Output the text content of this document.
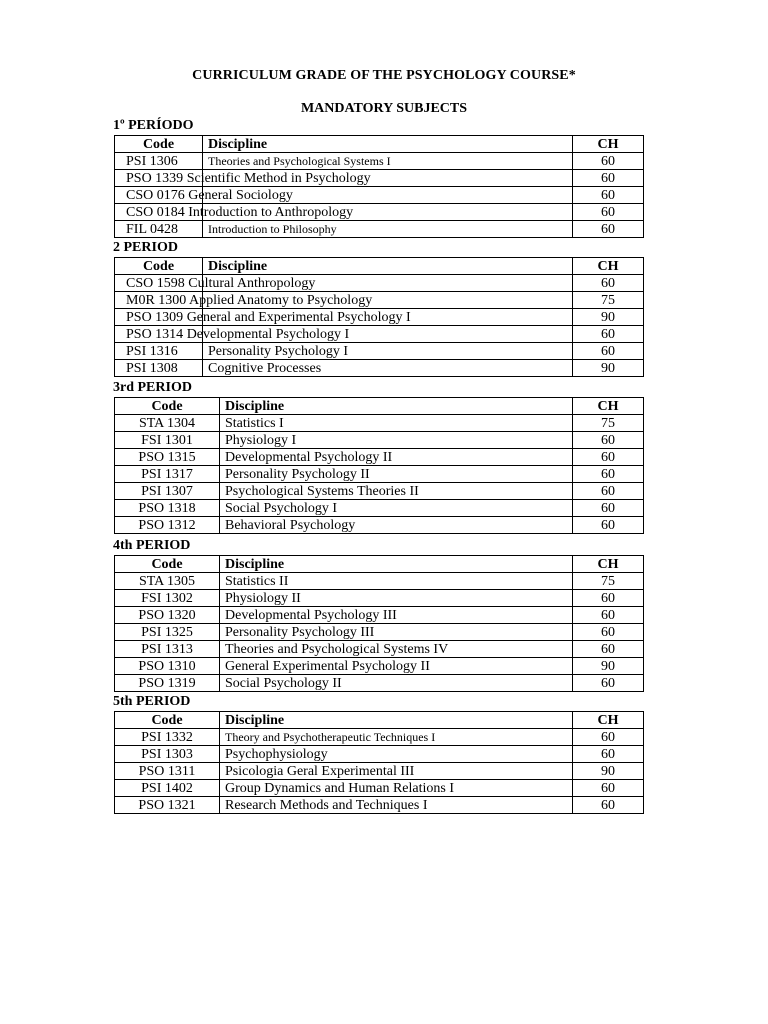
CURRICULUM GRADE OF THE PSYCHOLOGY COURSE*
MANDATORY SUBJECTS
1º PERÍODO
Code	Discipline	CH
PSI 1306	Theories and Psychological Systems I	60
PSO 1339 Scientific Method in Psychology		60
CSO 0176 General Sociology		60
CSO 0184 Introduction to Anthropology		60
FIL 0428	Introduction to Philosophy	60
2 PERIOD
Code	Discipline	CH
CSO 1598 Cultural Anthropology		60
M0R 1300 Applied Anatomy to Psychology		75
PSO 1309 General and Experimental Psychology I		90
PSO 1314 Developmental Psychology I		60
PSI 1316	Personality Psychology I	60
PSI 1308	Cognitive Processes	90
3rd PERIOD
Code	Discipline	CH
STA 1304	Statistics I	75
FSI 1301	Physiology I	60
PSO 1315	Developmental Psychology II	60
PSI 1317	Personality Psychology II	60
PSI 1307	Psychological Systems Theories II	60
PSO 1318	Social Psychology I	60
PSO 1312	Behavioral Psychology	60
4th PERIOD
Code	Discipline	CH
STA 1305	Statistics II	75
FSI 1302	Physiology II	60
PSO 1320	Developmental Psychology III	60
PSI 1325	Personality Psychology III	60
PSI 1313	Theories and Psychological Systems IV	60
PSO 1310	General Experimental Psychology II	90
PSO 1319	Social Psychology II	60
5th PERIOD
Code	Discipline	CH
PSI 1332	Theory and Psychotherapeutic Techniques I	60
PSI 1303	Psychophysiology	60
PSO 1311	Psicologia Geral Experimental III	90
PSI 1402	Group Dynamics and Human Relations I	60
PSO 1321	Research Methods and Techniques I	60
